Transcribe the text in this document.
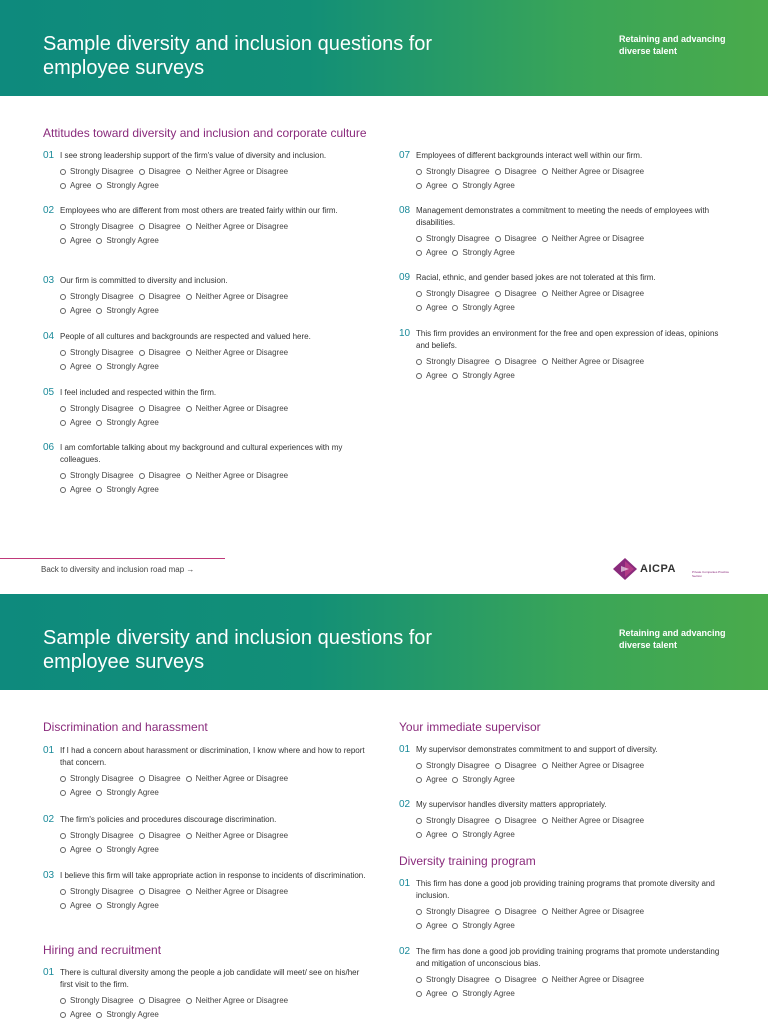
Sample diversity and inclusion questions for employee surveys
Retaining and advancing diverse talent
Attitudes toward diversity and inclusion and corporate culture
Back to diversity and inclusion road map →	AICPA	Private Companies Practice Section
Sample diversity and inclusion questions for employee surveys
Retaining and advancing diverse talent
Discrimination and harassment
Hiring and recruitment
Your immediate supervisor
Diversity training program
01 I see strong leadership support of the firm's value of diversity and inclusion.
Strongly Disagree Disagree Neither Agree or Disagree
Agree Strongly Agree
02 Employees who are different from most others are treated fairly within our firm.
Strongly Disagree Disagree Neither Agree or Disagree
Agree Strongly Agree
03 Our firm is committed to diversity and inclusion.
Strongly Disagree Disagree Neither Agree or Disagree
Agree Strongly Agree
04 People of all cultures and backgrounds are respected and valued here.
Strongly Disagree Disagree Neither Agree or Disagree
Agree Strongly Agree
05 I feel included and respected within the firm.
Strongly Disagree Disagree Neither Agree or Disagree
Agree Strongly Agree
06 I am comfortable talking about my background and cultural experiences with my colleagues.
Strongly Disagree Disagree Neither Agree or Disagree
Agree Strongly Agree
07 Employees of different backgrounds interact well within our firm.
Strongly Disagree Disagree Neither Agree or Disagree
Agree Strongly Agree
08 Management demonstrates a commitment to meeting the needs of employees with disabilities.
Strongly Disagree Disagree Neither Agree or Disagree
Agree Strongly Agree
09 Racial, ethnic, and gender based jokes are not tolerated at this firm.
Strongly Disagree Disagree Neither Agree or Disagree
Agree Strongly Agree
10 This firm provides an environment for the free and open expression of ideas, opinions and beliefs.
Strongly Disagree Disagree Neither Agree or Disagree
Agree Strongly Agree
01 If I had a concern about harassment or discrimination, I know where and how to report that concern.
Strongly Disagree Disagree Neither Agree or Disagree
Agree Strongly Agree
02 The firm's policies and procedures discourage discrimination.
Strongly Disagree Disagree Neither Agree or Disagree
Agree Strongly Agree
03 I believe this firm will take appropriate action in response to incidents of discrimination.
Strongly Disagree Disagree Neither Agree or Disagree
Agree Strongly Agree
01 There is cultural diversity among the people a job candidate will meet/ see on his/her first visit to the firm.
Strongly Disagree Disagree Neither Agree or Disagree
Agree Strongly Agree
01 My supervisor demonstrates commitment to and support of diversity.
Strongly Disagree Disagree Neither Agree or Disagree
Agree Strongly Agree
02 My supervisor handles diversity matters appropriately.
Strongly Disagree Disagree Neither Agree or Disagree
Agree Strongly Agree
01 This firm has done a good job providing training programs that promote diversity and inclusion.
Strongly Disagree Disagree Neither Agree or Disagree
Agree Strongly Agree
02 The firm has done a good job providing training programs that promote understanding and mitigation of unconscious bias.
Strongly Disagree Disagree Neither Agree or Disagree
Agree Strongly Agree
